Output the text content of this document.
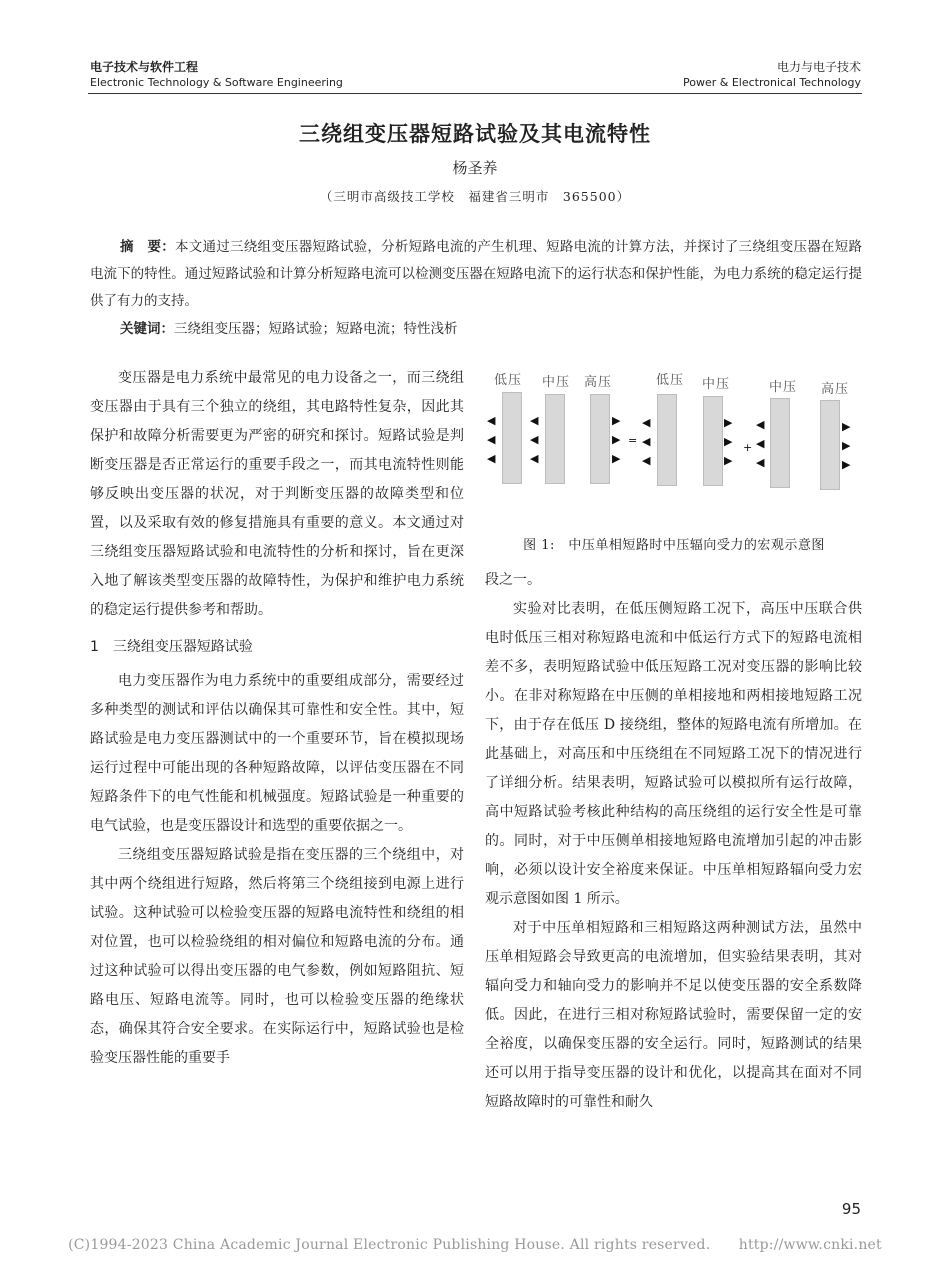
电子技术与软件工程
Electronic Technology & Software Engineering
电力与电子技术
Power & Electronical Technology
三绕组变压器短路试验及其电流特性
杨圣养
（三明市高级技工学校　福建省三明市　365500）

摘　要：本文通过三绕组变压器短路试验，分析短路电流的产生机理、短路电流的计算方法，并探讨了三绕组变压器在短路电流下的特性。通过短路试验和计算分析短路电流可以检测变压器在短路电流下的运行状态和保护性能，为电力系统的稳定运行提供了有力的支持。

关键词：三绕组变压器；短路试验；短路电流；特性浅析

变压器是电力系统中最常见的电力设备之一，而三绕组变压器由于具有三个独立的绕组，其电路特性复杂，因此其保护和故障分析需要更为严密的研究和探讨。短路试验是判断变压器是否正常运行的重要手段之一，而其电流特性则能够反映出变压器的状况，对于判断变压器的故障类型和位置，以及采取有效的修复措施具有重要的意义。本文通过对三绕组变压器短路试验和电流特性的分析和探讨，旨在更深入地了解该类型变压器的故障特性，为保护和维护电力系统的稳定运行提供参考和帮助。

1　三绕组变压器短路试验

电力变压器作为电力系统中的重要组成部分，需要经过多种类型的测试和评估以确保其可靠性和安全性。其中，短路试验是电力变压器测试中的一个重要环节，旨在模拟现场运行过程中可能出现的各种短路故障，以评估变压器在不同短路条件下的电气性能和机械强度。短路试验是一种重要的电气试验，也是变压器设计和选型的重要依据之一。

三绕组变压器短路试验是指在变压器的三个绕组中，对其中两个绕组进行短路，然后将第三个绕组接到电源上进行试验。这种试验可以检验变压器的短路电流特性和绕组的相对位置，也可以检验绕组的相对偏位和短路电流的分布。通过这种试验可以得出变压器的电气参数，例如短路阻抗、短路电压、短路电流等。同时，也可以检验变压器的绝缘状态，确保其符合安全要求。在实际运行中，短路试验也是检验变压器性能的重要手

低压 中压 高压	低压 中压	中压 高压
◀
◀
◀
◀
◀
◀
▶
▶
▶
=
◀
◀
◀
▶
▶
▶
+
◀
◀
◀
▶
▶
▶
图 1:　中压单相短路时中压辐向受力的宏观示意图

段之一。

实验对比表明，在低压侧短路工况下，高压中压联合供电时低压三相对称短路电流和中低运行方式下的短路电流相差不多，表明短路试验中低压短路工况对变压器的影响比较小。在非对称短路在中压侧的单相接地和两相接地短路工况下，由于存在低压 D 接绕组，整体的短路电流有所增加。在此基础上，对高压和中压绕组在不同短路工况下的情况进行了详细分析。结果表明，短路试验可以模拟所有运行故障，高中短路试验考核此种结构的高压绕组的运行安全性是可靠的。同时，对于中压侧单相接地短路电流增加引起的冲击影响，必须以设计安全裕度来保证。中压单相短路辐向受力宏观示意图如图 1 所示。

对于中压单相短路和三相短路这两种测试方法，虽然中压单相短路会导致更高的电流增加，但实验结果表明，其对辐向受力和轴向受力的影响并不足以使变压器的安全系数降低。因此，在进行三相对称短路试验时，需要保留一定的安全裕度，以确保变压器的安全运行。同时，短路测试的结果还可以用于指导变压器的设计和优化，以提高其在面对不同短路故障时的可靠性和耐久

95
(C)1994-2023 China Academic Journal Electronic Publishing House. All rights reserved.　　http://www.cnki.net
